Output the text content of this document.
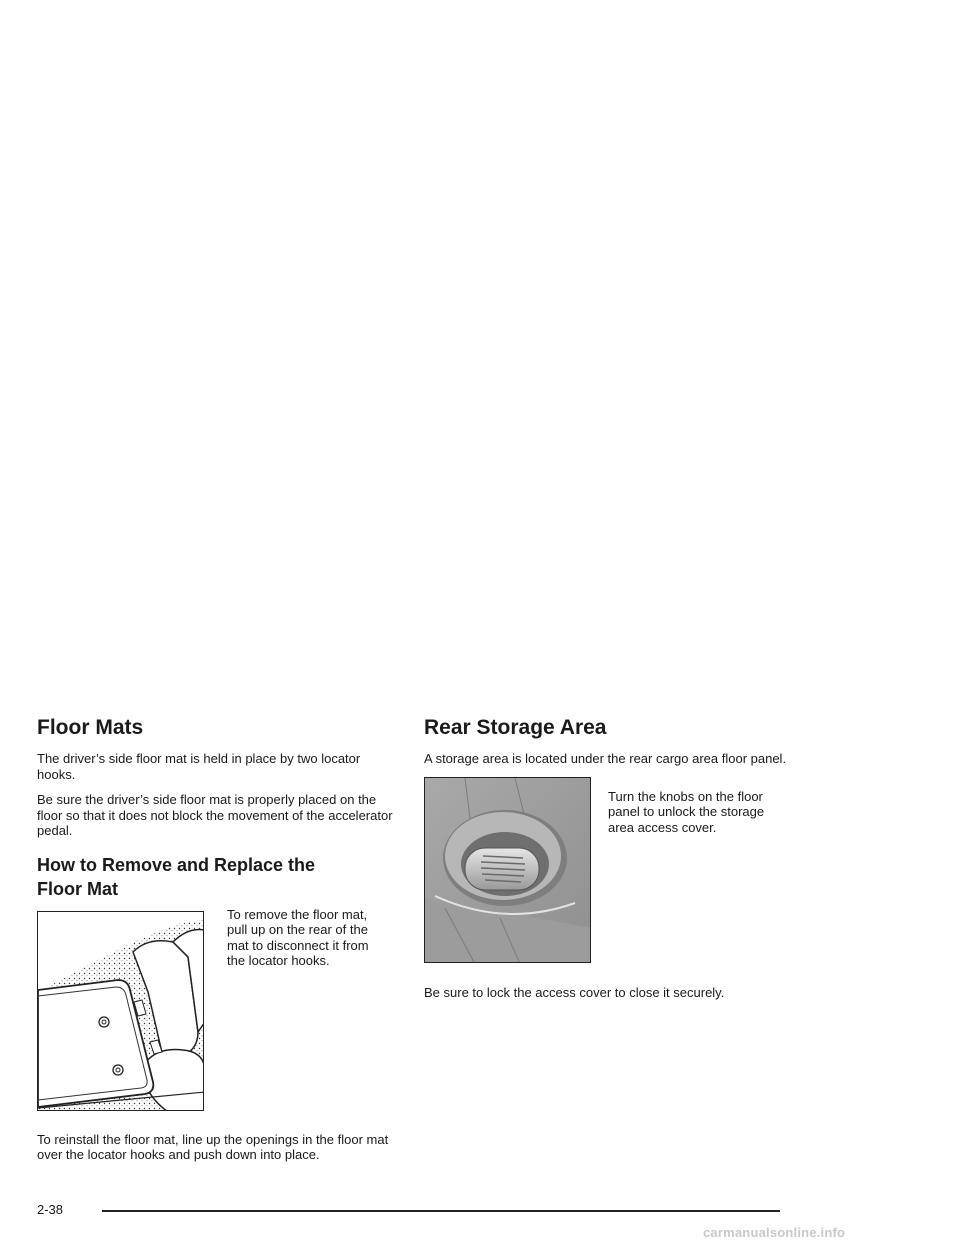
Floor Mats

The driver’s side floor mat is held in place by two locator hooks.

Be sure the driver’s side floor mat is properly placed on the floor so that it does not block the movement of the accelerator pedal.

How to Remove and Replace the Floor Mat
To remove the floor mat, pull up on the rear of the mat to disconnect it from the locator hooks.

To reinstall the floor mat, line up the openings in the floor mat over the locator hooks and push down into place.

Rear Storage Area

A storage area is located under the rear cargo area floor panel.

Turn the knobs on the floor panel to unlock the storage area access cover.

Be sure to lock the access cover to close it securely.

2-38
carmanualsonline.info
